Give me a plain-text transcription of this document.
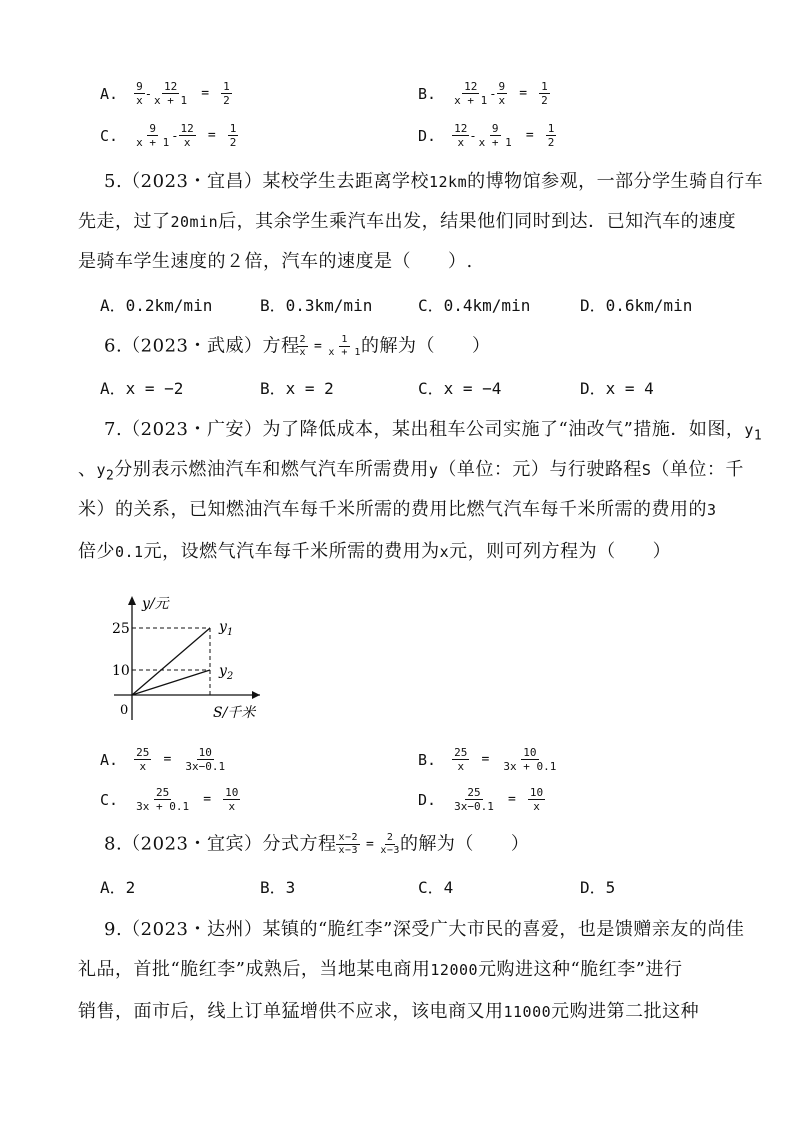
A. $\frac{9}{x} - \frac{12}{x + 1} = \frac{1}{2}$	B. $\frac{12}{x + 1} - \frac{9}{x} = \frac{1}{2}$
C. $\frac{9}{x + 1} - \frac{12}{x} = \frac{1}{2}$	D. $\frac{12}{x} - \frac{9}{x + 1} = \frac{1}{2}$
5.（2023・宜昌）某校学生去距离学校12km的博物馆参观，一部分学生骑自行车
先走，过了20min后，其余学生乘汽车出发，结果他们同时到达．已知汽车的速度
是骑车学生速度的２倍，汽车的速度是（　　）.
A．0.2km/min	B．0.3km/min	C．0.4km/min	D．0.6km/min
6.（2023・武威）方程
$\frac{2}{x} = \frac{1}{x + 1}$ 的解为（　　）
A．x = −2	B．x = 2	C．x = −4	D．x = 4
7.（2023・广安）为了降低成本，某出租车公司实施了“油改气”措施．如图，$y_1$
、$y_2$分别表示燃油汽车和燃气汽车所需费用y（单位：元）与行驶路程S（单位：千
米）的关系，已知燃油汽车每千米所需的费用比燃气汽车每千米所需的费用的3
倍少0.1元，设燃气汽车每千米所需的费用为x元，则可列方程为（　　）
y/元
S/千米
0
25
10
$y_1$
$y_2$
A. $\frac{25}{x} = \frac{10}{3x-0.1}$	B. $\frac{25}{x} = \frac{10}{3x + 0.1}$
C. $\frac{25}{3x + 0.1} = \frac{10}{x}$	D. $\frac{25}{3x-0.1} = \frac{10}{x}$
8.（2023・宜宾）分式方程 $\frac{x-2}{x-3} = \frac{2}{x-3}$ 的解为（　　）
A．2	B．3	C．4	D．5
9.（2023・达州）某镇的“脆红李”深受广大市民的喜爱，也是馈赠亲友的尚佳
礼品，首批“脆红李”成熟后，当地某电商用12000元购进这种“脆红李”进行
销售，面市后，线上订单猛增供不应求，该电商又用11000元购进第二批这种
